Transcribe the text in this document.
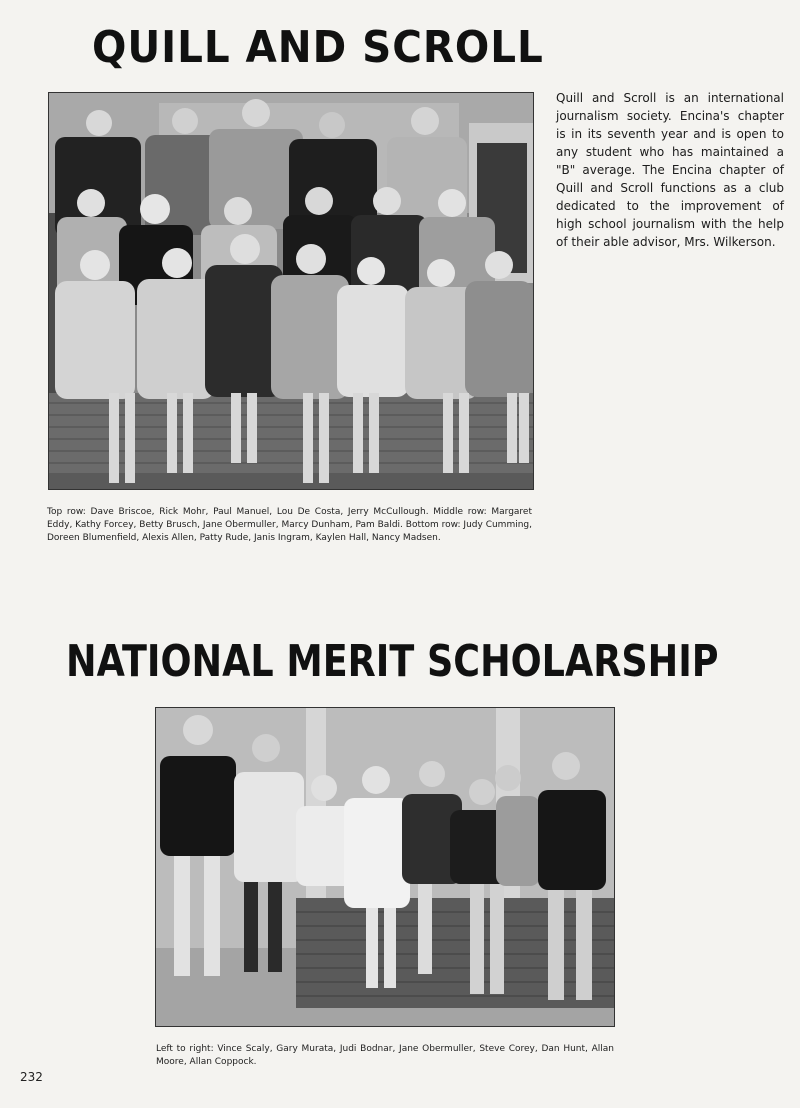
QUILL AND SCROLL

Quill and Scroll is an international journalism society. Encina's chapter is in its seventh year and is open to any student who has maintained a "B" average. The Encina chapter of Quill and Scroll functions as a club dedicated to the improvement of high school journalism with the help of their able advisor, Mrs. Wilkerson.

Top row: Dave Briscoe, Rick Mohr, Paul Manuel, Lou De Costa, Jerry McCullough. Middle row: Margaret Eddy, Kathy Forcey, Betty Brusch, Jane Obermuller, Marcy Dunham, Pam Baldi. Bottom row: Judy Cumming, Doreen Blumenfield, Alexis Allen, Patty Rude, Janis Ingram, Kaylen Hall, Nancy Madsen.

NATIONAL MERIT SCHOLARSHIP

Left to right: Vince Scaly, Gary Murata, Judi Bodnar, Jane Obermuller, Steve Corey, Dan Hunt, Allan Moore, Allan Coppock.

232
